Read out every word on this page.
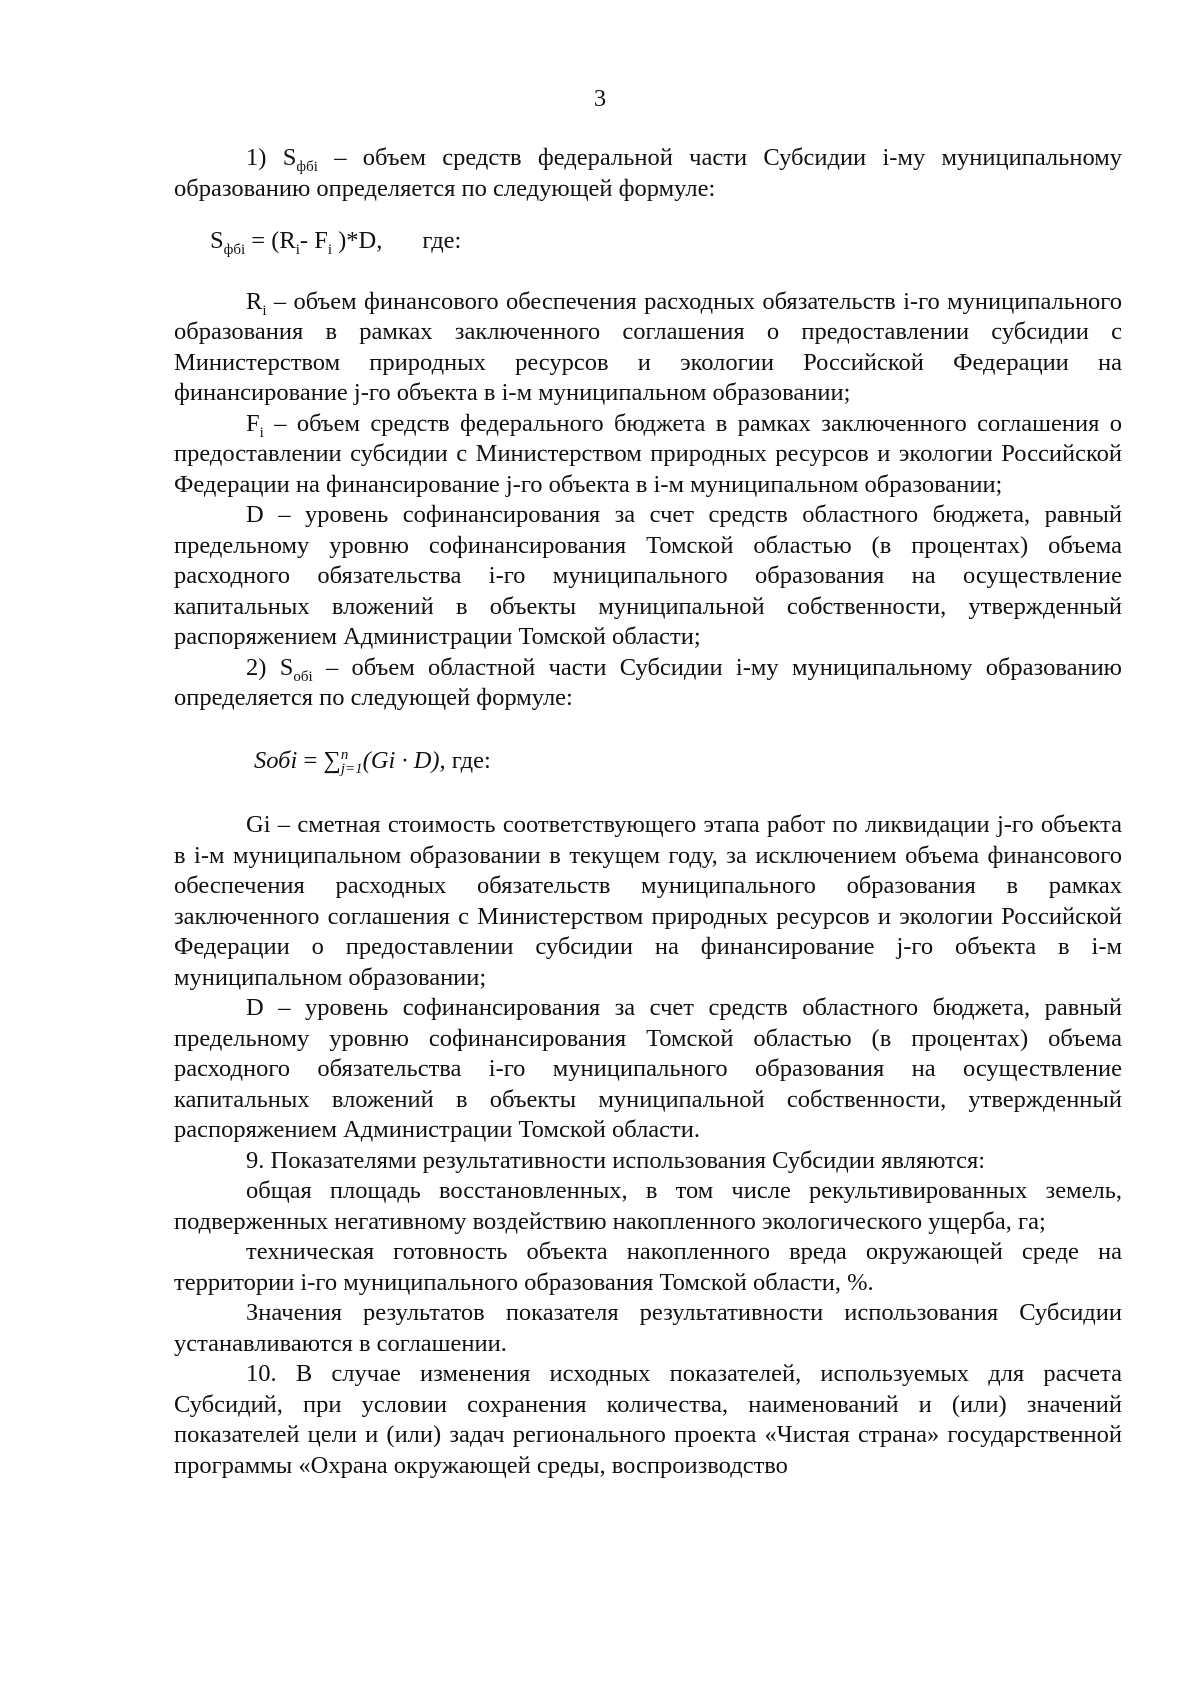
3

1) $S_{фбi}$ – объем средств федеральной части Субсидии i-му муниципальному образованию определяется по следующей формуле:

$S_{фбi} = (R_i-$ $F_i$ )*D, где:

$R_i$ – объем финансового обеспечения расходных обязательств i-го муниципального образования в рамках заключенного соглашения о предоставлении субсидии с Министерством природных ресурсов и экологии Российской Федерации на финансирование j-го объекта в i-м муниципальном образовании;

$F_i$ – объем средств федерального бюджета в рамках заключенного соглашения о предоставлении субсидии с Министерством природных ресурсов и экологии Российской Федерации на финансирование j-го объекта в i-м муниципальном образовании;

D – уровень софинансирования за счет средств областного бюджета, равный предельному уровню софинансирования Томской областью (в процентах) объема расходного обязательства i-го муниципального образования на осуществление капитальных вложений в объекты муниципальной собственности, утвержденный распоряжением Администрации Томской области;

2) $S_{обi}$ – объем областной части Субсидии i-му муниципальному образованию определяется по следующей формуле:

Sобi = ∑ n
j=1 (Gi · D), где:

Gi – сметная стоимость соответствующего этапа работ по ликвидации j-го объекта в i-м муниципальном образовании в текущем году, за исключением объема финансового обеспечения расходных обязательств муниципального образования в рамках заключенного соглашения с Министерством природных ресурсов и экологии Российской Федерации о предоставлении субсидии на финансирование j-го объекта в i-м муниципальном образовании;

D – уровень софинансирования за счет средств областного бюджета, равный предельному уровню софинансирования Томской областью (в процентах) объема расходного обязательства i-го муниципального образования на осуществление капитальных вложений в объекты муниципальной собственности, утвержденный распоряжением Администрации Томской области.

9. Показателями результативности использования Субсидии являются:

общая площадь восстановленных, в том числе рекультивированных земель, подверженных негативному воздействию накопленного экологического ущерба, га;

техническая готовность объекта накопленного вреда окружающей среде на территории i-го муниципального образования Томской области, %.

Значения результатов показателя результативности использования Субсидии устанавливаются в соглашении.

10. В случае изменения исходных показателей, используемых для расчета Субсидий, при условии сохранения количества, наименований и (или) значений показателей цели и (или) задач регионального проекта «Чистая страна» государственной программы «Охрана окружающей среды, воспроизводство
